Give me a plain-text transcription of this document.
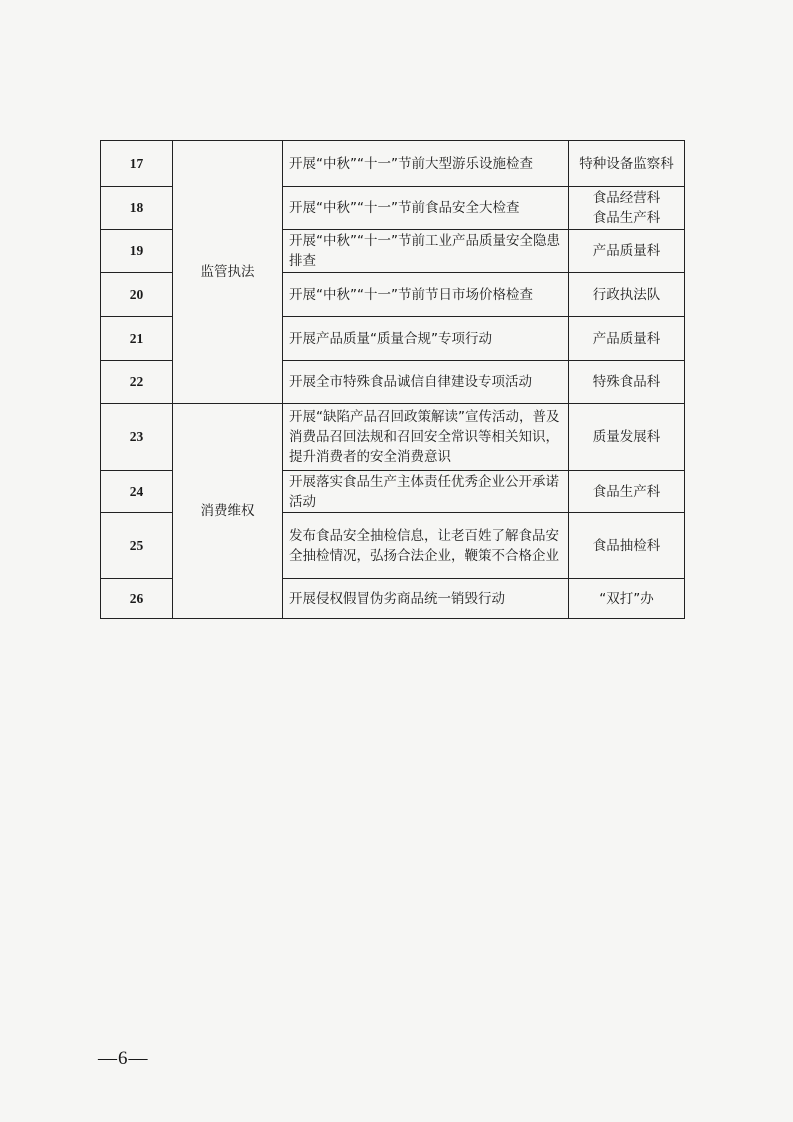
17	监管执法	开展“中秋”“十一”节前大型游乐设施检查	特种设备监察科

18		开展“中秋”“十一”节前食品安全大检查	食品经营科
食品生产科

19		开展“中秋”“十一”节前工业产品质量安全隐患排查	产品质量科

20		开展“中秋”“十一”节前节日市场价格检查	行政执法队

21		开展产品质量“质量合规”专项行动	产品质量科

22		开展全市特殊食品诚信自律建设专项活动	特殊食品科

23	消费维权	开展“缺陷产品召回政策解读”宣传活动，普及消费品召回法规和召回安全常识等相关知识，提升消费者的安全消费意识	质量发展科

24		开展落实食品生产主体责任优秀企业公开承诺活动	食品生产科

25		发布食品安全抽检信息，让老百姓了解食品安全抽检情况，弘扬合法企业，鞭策不合格企业	食品抽检科

26		开展侵权假冒伪劣商品统一销毁行动	“双打”办
—6—
